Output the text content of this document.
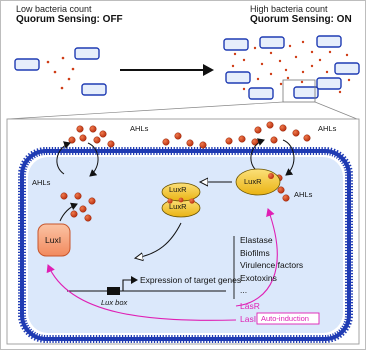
Low bacteria count
Quorum Sensing: OFF
High bacteria count
Quorum Sensing: ON
AHLs	AHLs
AHLs
AHLs
LuxI
LuxR
LuxR
LuxR
Expression of target genes
Lux box
Elastase
Biofilms
Virulence factors
Exotoxins
...
LasR
LasI Auto-induction
